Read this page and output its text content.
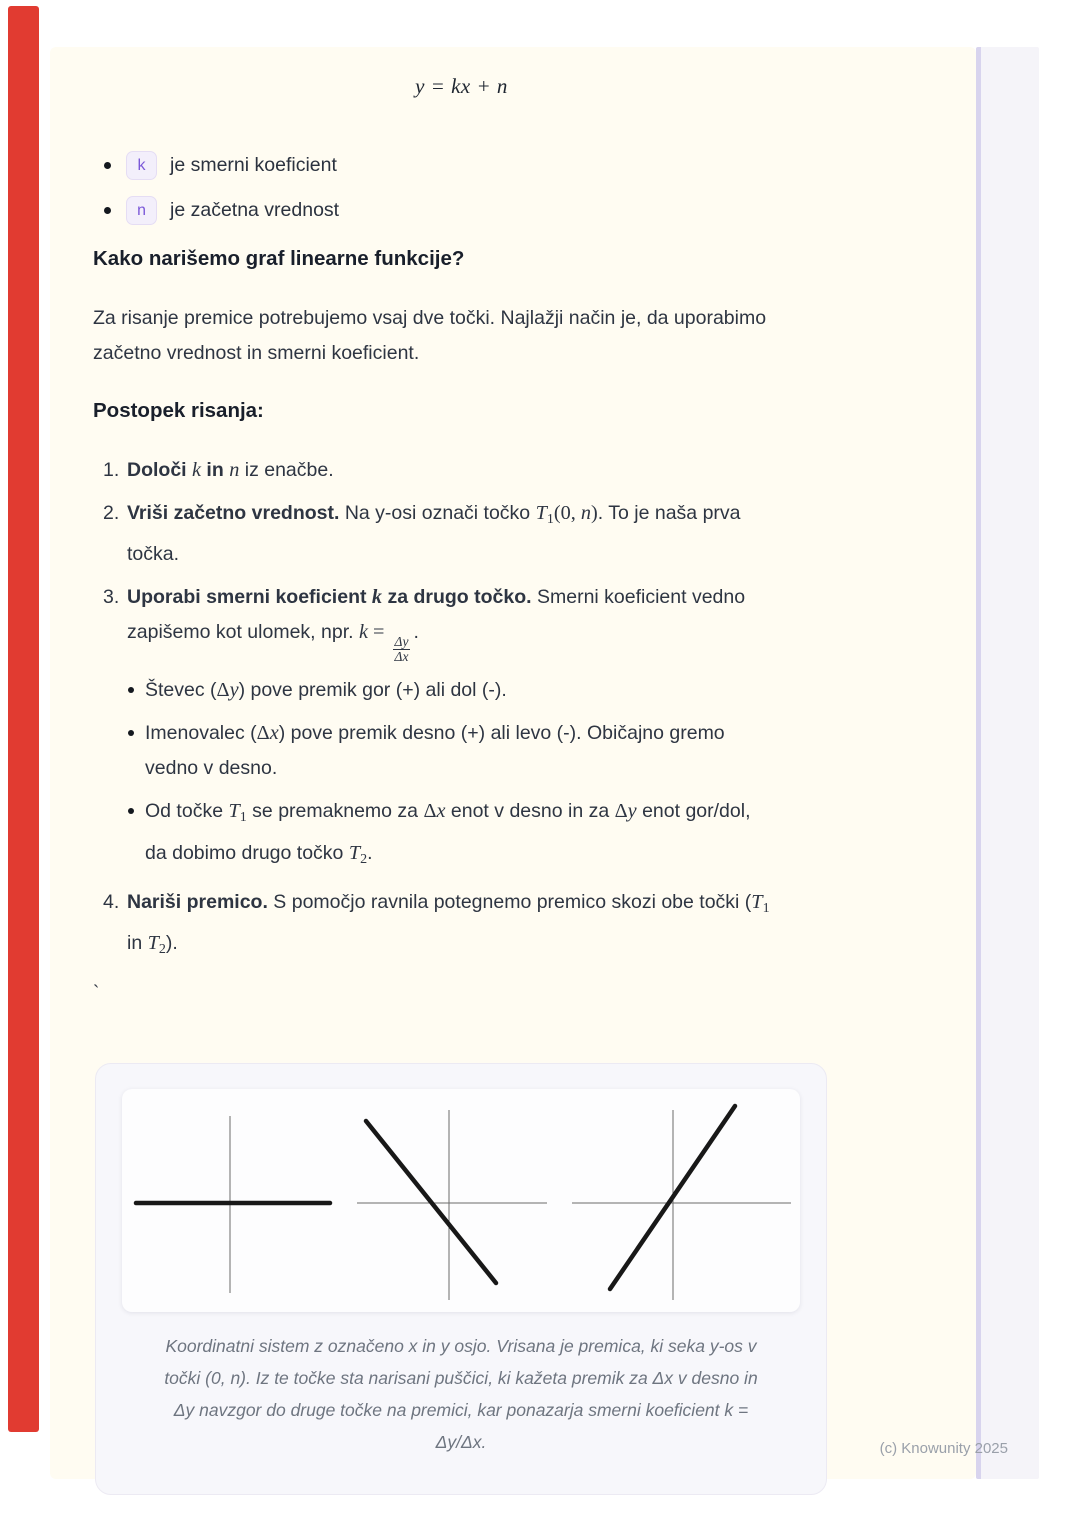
y = kx + n
k	je smerni koeficient
n	je začetna vrednost
Kako narišemo graf linearne funkcije?

Za risanje premice potrebujemo vsaj dve točki. Najlažji način je, da uporabimo
začetno vrednost in smerni koeficient.

Postopek risanja:
1. Določi k in n iz enačbe.
2. Vriši začetno vrednost. Na y-osi označi točko $T_1(0$, n). To je naša prva
točka.
3. Uporabi smerni koeficient k za drugo točko. Smerni koeficient vedno
zapišemo kot ulomek, npr. k =
$\frac{\Delta y}{\Delta x}$
.
Števec (Δy) pove premik gor (+) ali dol (-).
Imenovalec (Δx) pove premik desno (+) ali levo (-). Običajno gremo
vedno v desno.
Od točke $T_1$ se premaknemo za Δx enot v desno in za Δy enot gor/dol,
da dobimo drugo točko $T_2$.
4. Nariši premico. S pomočjo ravnila potegnemo premico skozi obe točki ($T_1$
in $T_2$).
`
Koordinatni sistem z označeno x in y osjo. Vrisana je premica, ki seka y-os v
točki (0, n). Iz te točke sta narisani puščici, ki kažeta premik za Δx v desno in
Δy navzgor do druge točke na premici, kar ponazarja smerni koeficient k =
Δy/Δx.	(c) Knowunity 2025
